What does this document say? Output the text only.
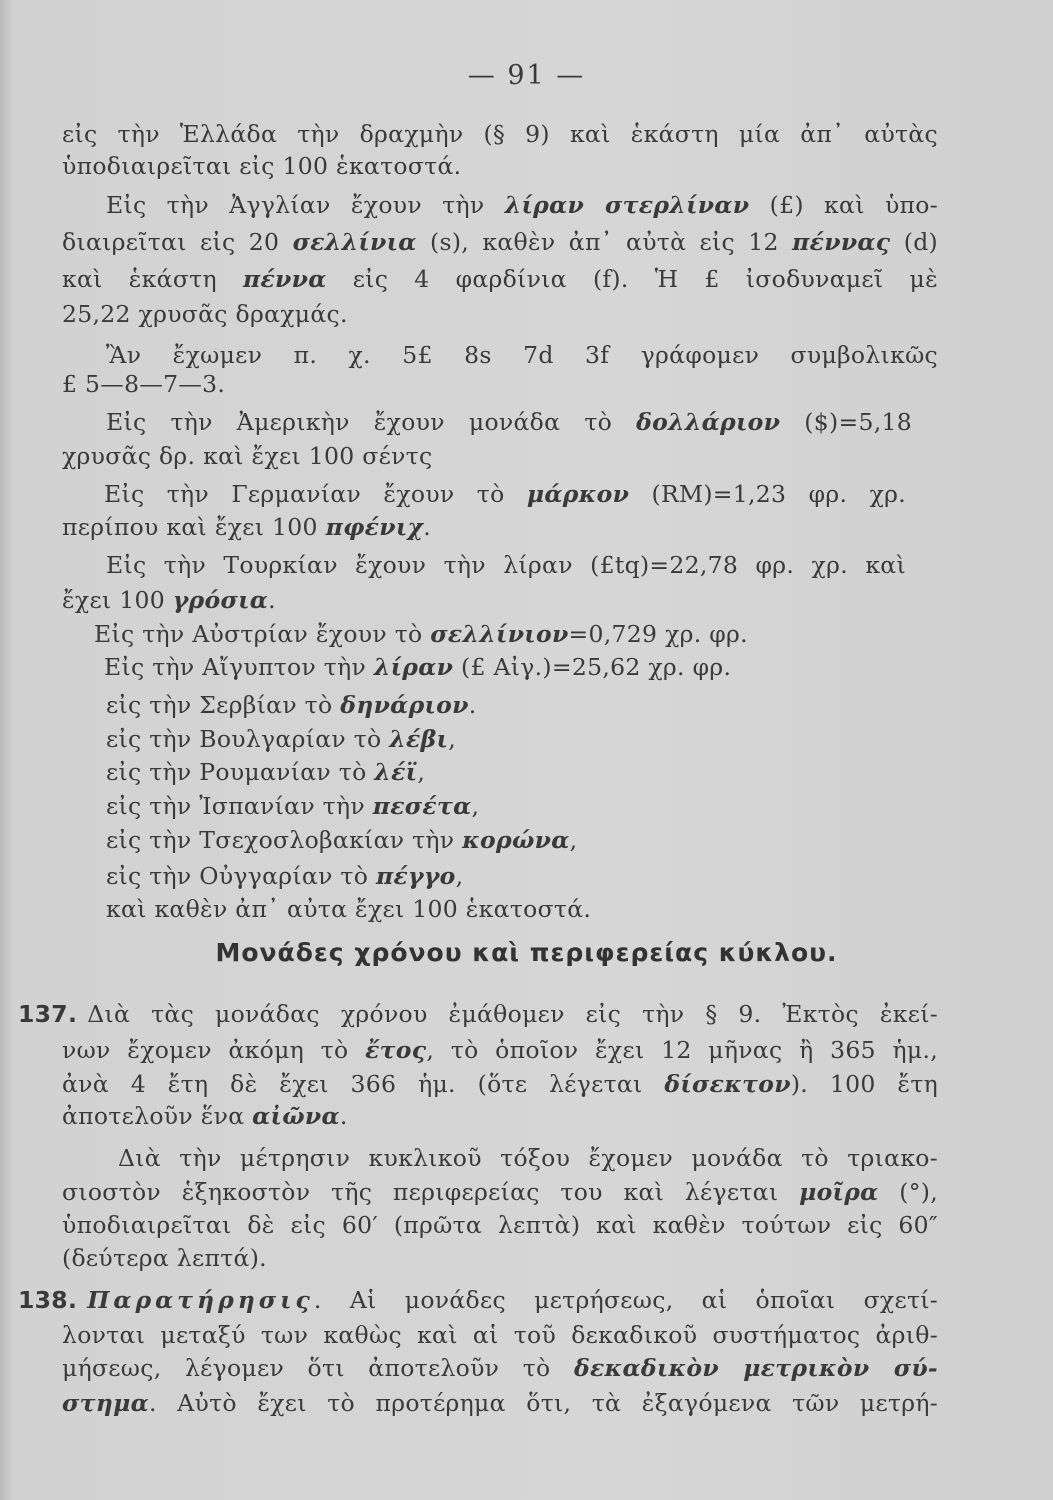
— 91 —
εἰς τὴν Ἑλλάδα τὴν δραχμὴν (§ 9) καὶ ἑκάστη μία ἀπ᾽ αὐτὰς
ὑποδιαιρεῖται εἰς 100 ἑκατοστά.
Εἰς τὴν Ἀγγλίαν ἔχουν τὴν λίραν στερλίναν (£) καὶ ὑπο-
διαιρεῖται εἰς 20 σελλίνια (s), καθὲν ἀπ᾽ αὐτὰ εἰς 12 πέννας (d)
καὶ ἑκάστη πέννα εἰς 4 φαρδίνια (f). Ἡ £ ἰσοδυναμεῖ μὲ
25,22 χρυσᾶς δραχμάς.
Ἂν ἔχωμεν π. χ. 5£ 8s 7d 3f γράφομεν συμβολικῶς
£ 5—8—7—3.
Εἰς τὴν Ἀμερικὴν ἔχουν μονάδα τὸ δολλάριον ($)=5,18
χρυσᾶς δρ. καὶ ἔχει 100 σέντς
Εἰς τὴν Γερμανίαν ἔχουν τὸ μάρκον (RM)=1,23 φρ. χρ.
περίπου καὶ ἔχει 100 πφένιχ.
Εἰς τὴν Τουρκίαν ἔχουν τὴν λίραν (£tq)=22,78 φρ. χρ. καὶ
ἔχει 100 γρόσια.
Εἰς τὴν Αὐστρίαν ἔχουν τὸ σελλίνιον=0,729 χρ. φρ.
Εἰς τὴν Αἴγυπτον τὴν λίραν (£ Αἰγ.)=25,62 χρ. φρ.
εἰς τὴν Σερβίαν τὸ δηνάριον.
εἰς τὴν Βουλγαρίαν τὸ λέβι,
εἰς τὴν Ρουμανίαν τὸ λέϊ,
εἰς τὴν Ἰσπανίαν τὴν πεσέτα,
εἰς τὴν Τσεχοσλοβακίαν τὴν κορώνα,
εἰς τὴν Οὐγγαρίαν τὸ πέγγο,
καὶ καθὲν ἀπ᾽ αὐτα ἔχει 100 ἑκατοστά.
Μονάδες χρόνου καὶ περιφερείας κύκλου.
137. Διὰ τὰς μονάδας χρόνου ἐμάθομεν εἰς τὴν § 9. Ἐκτὸς ἐκεί-
νων ἔχομεν ἀκόμη τὸ ἔτος, τὸ ὁποῖον ἔχει 12 μῆνας ἢ 365 ἡμ.,
ἀνὰ 4 ἔτη δὲ ἔχει 366 ἡμ. (ὅτε λέγεται δίσεκτον). 100 ἔτη
ἀποτελοῦν ἕνα αἰῶνα.
Διὰ τὴν μέτρησιν κυκλικοῦ τόξου ἔχομεν μονάδα τὸ τριακο-
σιοστὸν ἑξηκοστὸν τῆς περιφερείας του καὶ λέγεται μοῖρα (°),
ὑποδιαιρεῖται δὲ εἰς 60′ (πρῶτα λεπτὰ) καὶ καθὲν τούτων εἰς 60″
(δεύτερα λεπτά).
138. Παρατήρησις. Αἱ μονάδες μετρήσεως, αἱ ὁποῖαι σχετί-
λονται μεταξύ των καθὼς καὶ αἱ τοῦ δεκαδικοῦ συστήματος ἀριθ-
μήσεως, λέγομεν ὅτι ἀποτελοῦν τὸ δεκαδικὸν μετρικὸν σύ-
στημα. Αὐτὸ ἔχει τὸ προτέρημα ὅτι, τὰ ἐξαγόμενα τῶν μετρή-
